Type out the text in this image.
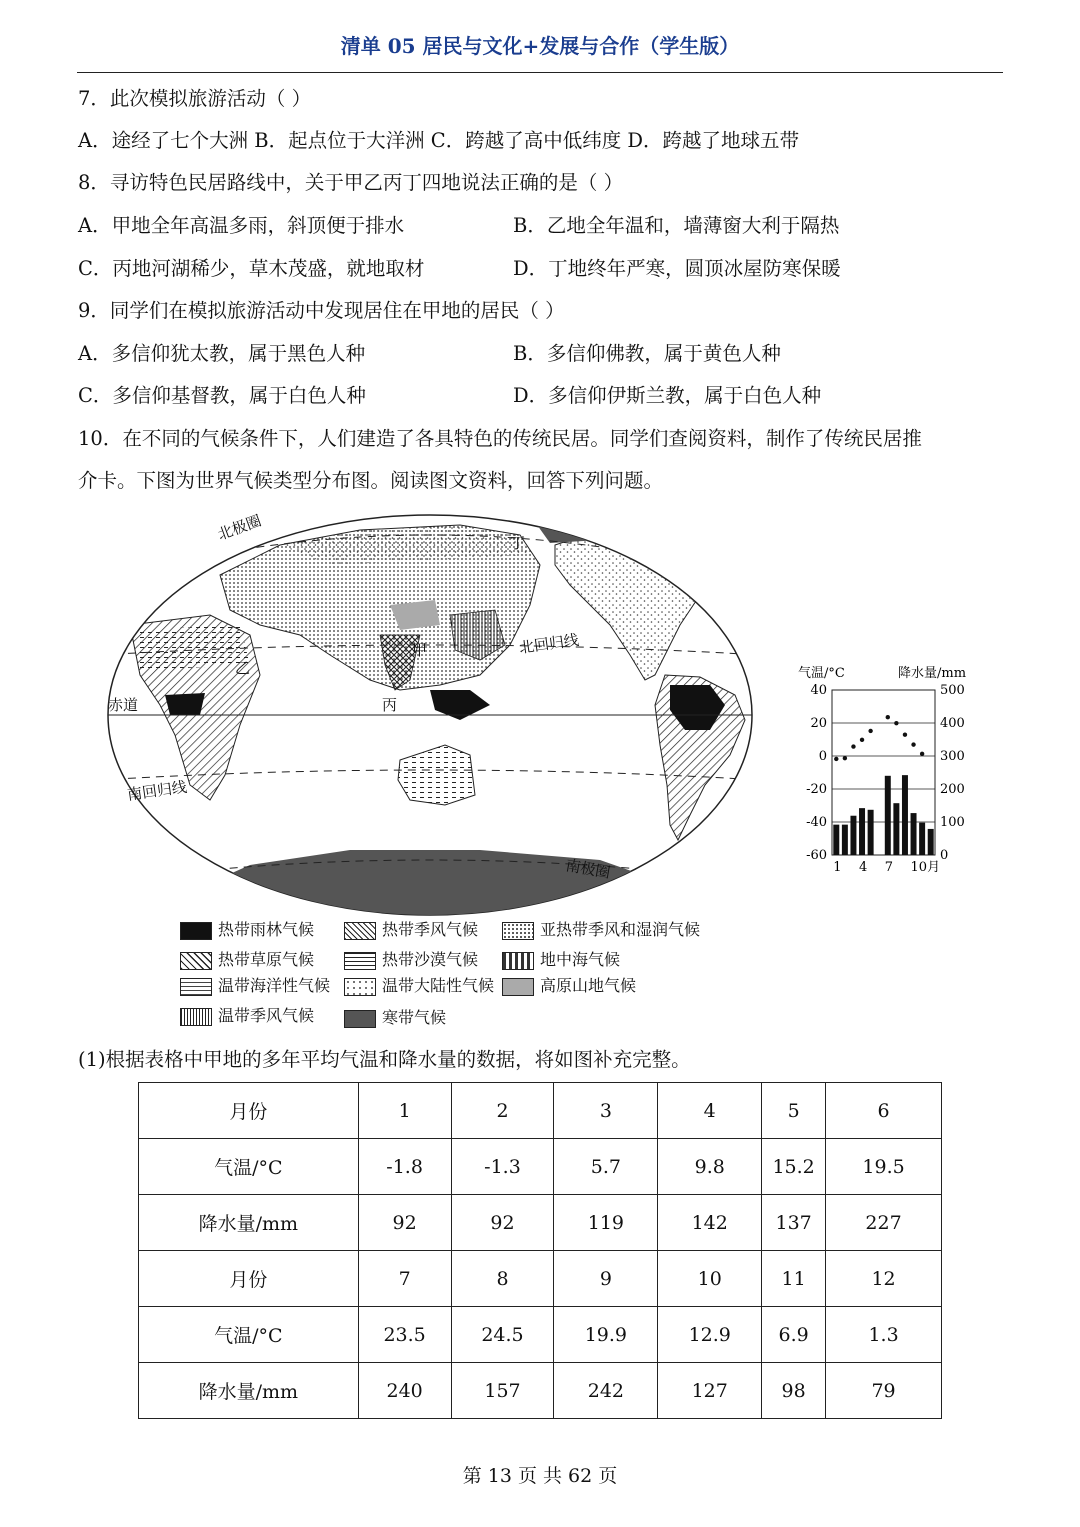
清单 05 居民与文化+发展与合作（学生版）
7．此次模拟旅游活动（ ）
A．途经了七个大洲 B．起点位于大洋洲 C．跨越了高中低纬度 D．跨越了地球五带
8．寻访特色民居路线中，关于甲乙丙丁四地说法正确的是（ ）
A．甲地全年高温多雨，斜顶便于排水	B．乙地全年温和，墙薄窗大利于隔热
C．丙地河湖稀少，草木茂盛，就地取材	D．丁地终年严寒，圆顶冰屋防寒保暖
9．同学们在模拟旅游活动中发现居住在甲地的居民（ ）
A．多信仰犹太教，属于黑色人种	B．多信仰佛教，属于黄色人种
C．多信仰基督教，属于白色人种	D．多信仰伊斯兰教，属于白色人种
10．在不同的气候条件下，人们建造了各具特色的传统民居。同学们查阅资料，制作了传统民居推
介卡。下图为世界气候类型分布图。阅读图文资料，回答下列问题。
北极圈
北回归线
赤道
南回归线
南极圈
甲
乙
丙
丁
气温/°C	降水量/mm
40
20
0
-20
-40
-60
500
400
300
200
100
0
1 4 7 10月
热带雨林气候	热带季风气候	亚热带季风和湿润气候
热带草原气候	热带沙漠气候	地中海气候
温带海洋性气候	温带大陆性气候	高原山地气候
温带季风气候	寒带气候
(1)根据表格中甲地的多年平均气温和降水量的数据，将如图补充完整。
月份	1	2	3	4	5	6
气温/°C	-1.8	-1.3	5.7	9.8	15.2	19.5
降水量/mm	92	92	119	142	137	227
月份	7	8	9	10	11	12
气温/°C	23.5	24.5	19.9	12.9	6.9	1.3
降水量/mm	240	157	242	127	98	79
第 13 页 共 62 页
